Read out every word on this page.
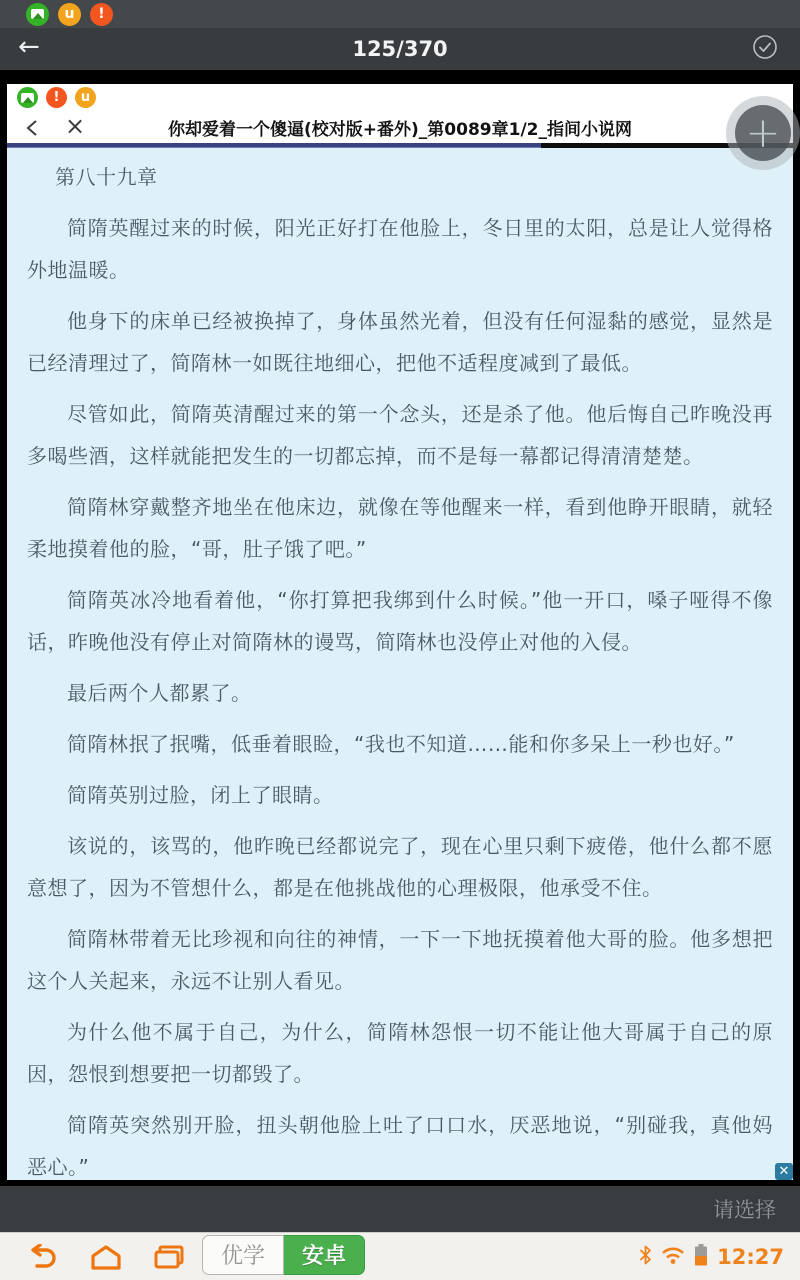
u !
←	125/370
! u
×	你却爱着一个傻逼(校对版+番外)_第0089章1/2_指间小说网

第八十九章

简隋英醒过来的时候，阳光正好打在他脸上，冬日里的太阳，总是让人觉得格外地温暖。

他身下的床单已经被换掉了，身体虽然光着，但没有任何湿黏的感觉，显然是已经清理过了，简隋林一如既往地细心，把他不适程度减到了最低。

尽管如此，简隋英清醒过来的第一个念头，还是杀了他。他后悔自己昨晚没再多喝些酒，这样就能把发生的一切都忘掉，而不是每一幕都记得清清楚楚。

简隋林穿戴整齐地坐在他床边，就像在等他醒来一样，看到他睁开眼睛，就轻柔地摸着他的脸，“哥，肚子饿了吧。”

简隋英冰冷地看着他，“你打算把我绑到什么时候。”他一开口，嗓子哑得不像话，昨晚他没有停止对简隋林的谩骂，简隋林也没停止对他的入侵。

最后两个人都累了。

简隋林抿了抿嘴，低垂着眼睑，“我也不知道……能和你多呆上一秒也好。”

简隋英别过脸，闭上了眼睛。

该说的，该骂的，他昨晚已经都说完了，现在心里只剩下疲倦，他什么都不愿意想了，因为不管想什么，都是在他挑战他的心理极限，他承受不住。

简隋林带着无比珍视和向往的神情，一下一下地抚摸着他大哥的脸。他多想把这个人关起来，永远不让别人看见。

为什么他不属于自己，为什么，简隋林怨恨一切不能让他大哥属于自己的原因，怨恨到想要把一切都毁了。

简隋英突然别开脸，扭头朝他脸上吐了口口水，厌恶地说，“别碰我，真他妈恶心。”	✕
+
请选择
优学	安卓	12:27
